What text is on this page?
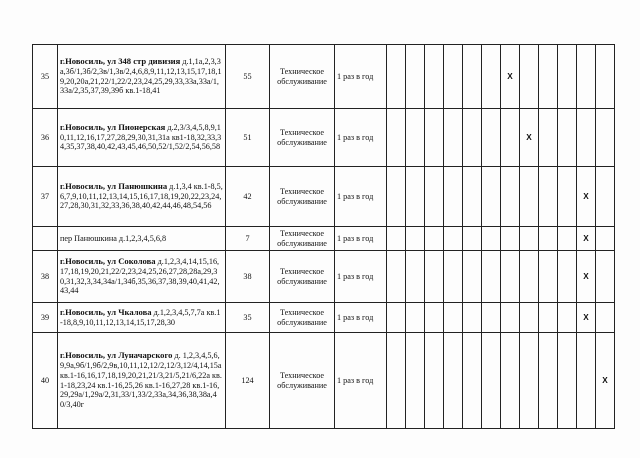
35	г.Новосиль, ул 348 стр дивизия д.1,1а,2,3,3а,3б/1,3б/2,3в/1,3в/2,4,6,8,9,11,12,13,15,17,18,19,20,20а,21,22/1,22/2,23,24,25,29,33,33а,33а/1,33а/2,35,37,39,39б кв.1-18,41	55	Техническое обслуживание	1 раз в год							X					
36	г.Новосиль, ул Пионерская д.2,3/3,4,5,8,9,10,11,12,16,17,27,28,29,30,31,31а кв1-18,32,33,34,35,37,38,40,42,43,45,46,50,52/1,52/2,54,56,58	51	Техническое обслуживание	1 раз в год								X				
37	г.Новосиль, ул Панюшкина д.1,3,4 кв.1-8,5,6,7,9,10,11,12,13,14,15,16,17,18,19,20,22,23,24,27,28,30,31,32,33,36,38,40,42,44,46,48,54,56	42	Техническое обслуживание	1 раз в год											X	
	пер Панюшкина д.1,2,3,4,5,6,8	7	Техническое обслуживание	1 раз в год											X	
38	г.Новосиль, ул Соколова д.1,2,3,4,14,15,16,17,18,19,20,21,22/2,23,24,25,26,27,28,28а,29,30,31,32,3,34,34а/1,34б,35,36,37,38,39,40,41,42,43,44	38	Техническое обслуживание	1 раз в год											X	
39	г.Новосиль, ул Чкалова д.1,2,3,4,5,7,7а кв.1-18,8,9,10,11,12,13,14,15,17,28,30	35	Техническое обслуживание	1 раз в год											X	
40	г.Новосиль, ул Луначарского д. 1,2,3,4,5,6,9,9а,9б/1,9б/2,9в,10,11,12,12/2,12/3,12/4,14,15а кв.1-16,16,17,18,19,20,21,21/3,21/5,21/6,22а кв.1-18,23,24 кв.1-16,25,26 кв.1-16,27,28 кв.1-16,29,29а/1,29а/2,31,33/1,33/2,33а,34,36,38,38а,40/3,40г	124	Техническое обслуживание	1 раз в год												X
